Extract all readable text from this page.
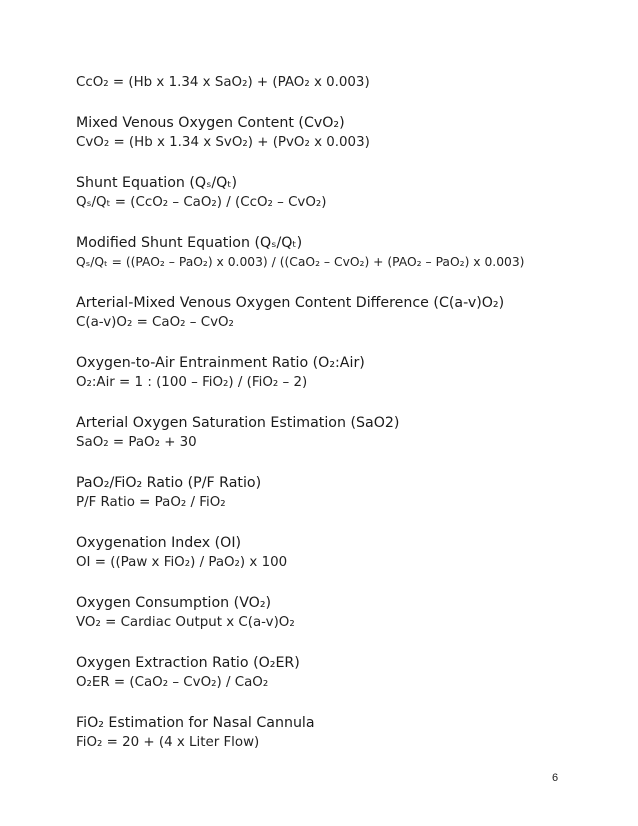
CcO₂ = (Hb x 1.34 x SaO₂) + (PAO₂ x 0.003)
Mixed Venous Oxygen Content (CvO₂)
CvO₂ = (Hb x 1.34 x SvO₂) + (PvO₂ x 0.003)
Shunt Equation (Qₛ/Qₜ)
Qₛ/Qₜ = (CcO₂ – CaO₂) / (CcO₂ – CvO₂)
Modified Shunt Equation (Qₛ/Qₜ)
Qₛ/Qₜ = ((PAO₂ – PaO₂) x 0.003) / ((CaO₂ – CvO₂) + (PAO₂ – PaO₂) x 0.003)
Arterial-Mixed Venous Oxygen Content Difference (C(a-v)O₂)
C(a-v)O₂ = CaO₂ – CvO₂
Oxygen-to-Air Entrainment Ratio (O₂:Air)
O₂:Air = 1 : (100 – FiO₂) / (FiO₂ – 2)
Arterial Oxygen Saturation Estimation (SaO2)
SaO₂ = PaO₂ + 30
PaO₂/FiO₂ Ratio (P/F Ratio)
P/F Ratio = PaO₂ / FiO₂
Oxygenation Index (OI)
OI = ((Paw x FiO₂) / PaO₂) x 100
Oxygen Consumption (VO₂)
VO₂ = Cardiac Output x C(a-v)O₂
Oxygen Extraction Ratio (O₂ER)
O₂ER = (CaO₂ – CvO₂) / CaO₂
FiO₂ Estimation for Nasal Cannula
FiO₂ = 20 + (4 x Liter Flow)
6
